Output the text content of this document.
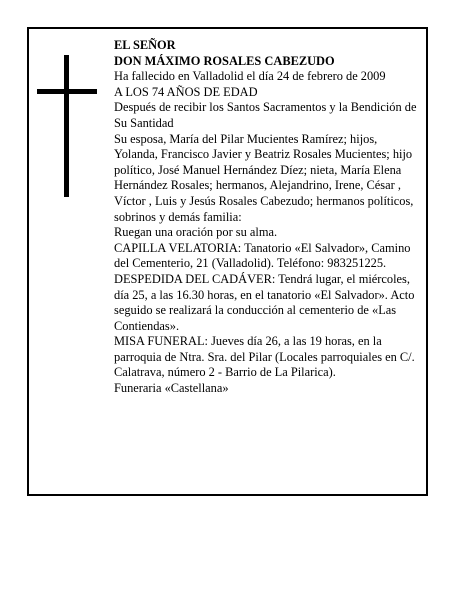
EL SEÑOR

DON MÁXIMO ROSALES CABEZUDO

Ha fallecido en Valladolid el día 24 de febrero de 2009

A LOS 74 AÑOS DE EDAD

Después de recibir los Santos Sacramentos y la Bendición de Su Santidad

Su esposa, María del Pilar Mucientes Ramírez; hijos, Yolanda, Francisco Javier y Beatriz Rosales Mucientes; hijo político, José Manuel Hernández Díez; nieta, María Elena Hernández Rosales; hermanos, Alejandrino, Irene, César , Víctor , Luis y Jesús Rosales Cabezudo; hermanos políticos, sobrinos y demás familia:

Ruegan una oración por su alma.

CAPILLA VELATORIA: Tanatorio «El Salvador», Camino del Cementerio, 21 (Valladolid). Teléfono: 983251225.

DESPEDIDA DEL CADÁVER: Tendrá lugar, el miércoles, día 25, a las 16.30 horas, en el tanatorio «El Salvador». Acto seguido se realizará la conducción al cementerio de «Las Contiendas».

MISA FUNERAL: Jueves día 26, a las 19 horas, en la parroquia de Ntra. Sra. del Pilar (Locales parroquiales en C/. Calatrava, número 2 - Barrio de La Pilarica).

Funeraria «Castellana»
